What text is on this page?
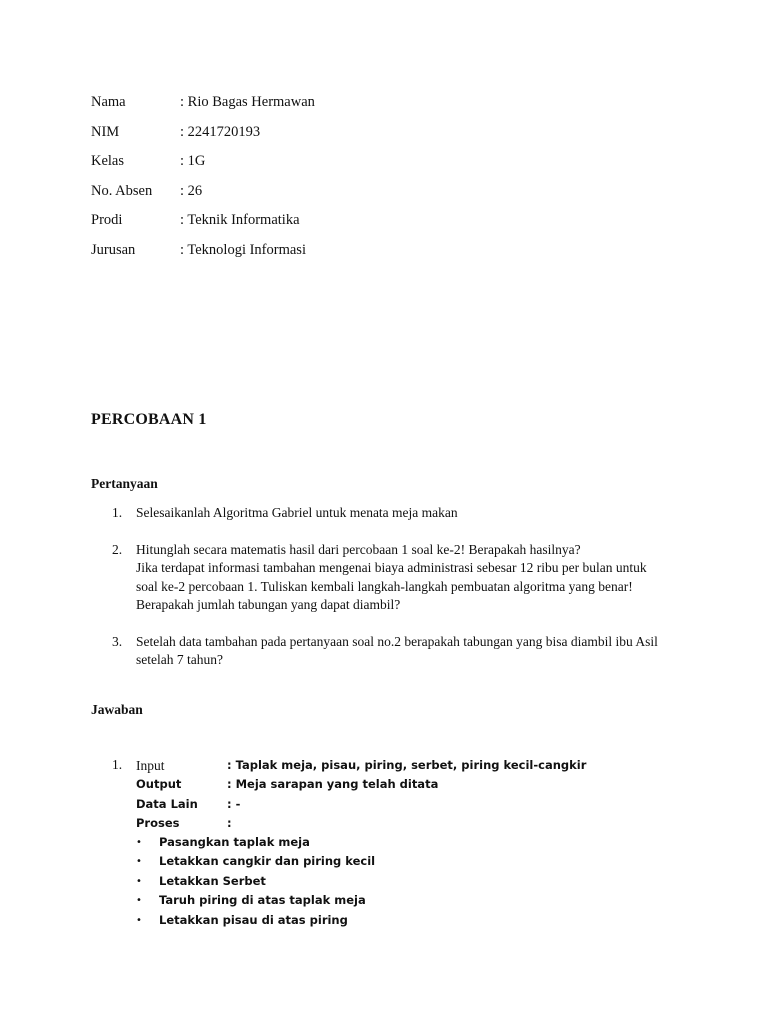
Nama	: Rio Bagas Hermawan
NIM	: 2241720193
Kelas	: 1G
No. Absen : 26
Prodi	: Teknik Informatika
Jurusan	: Teknologi Informasi
PERCOBAAN 1
Pertanyaan
1. Selesaikanlah Algoritma Gabriel untuk menata meja makan
2. Hitunglah secara matematis hasil dari percobaan 1 soal ke-2! Berapakah hasilnya?
Jika terdapat informasi tambahan mengenai biaya administrasi sebesar 12 ribu per bulan untuk
soal ke-2 percobaan 1. Tuliskan kembali langkah-langkah pembuatan algoritma yang benar!
Berapakah jumlah tabungan yang dapat diambil?
3. Setelah data tambahan pada pertanyaan soal no.2 berapakah tabungan yang bisa diambil ibu Asil
setelah 7 tahun?
Jawaban
1. Input	: Taplak meja, pisau, piring, serbet, piring kecil-cangkir
Output	: Meja sarapan yang telah ditata
Data Lain	: -
Proses	:
• Pasangkan taplak meja
• Letakkan cangkir dan piring kecil
• Letakkan Serbet
• Taruh piring di atas taplak meja
• Letakkan pisau di atas piring
